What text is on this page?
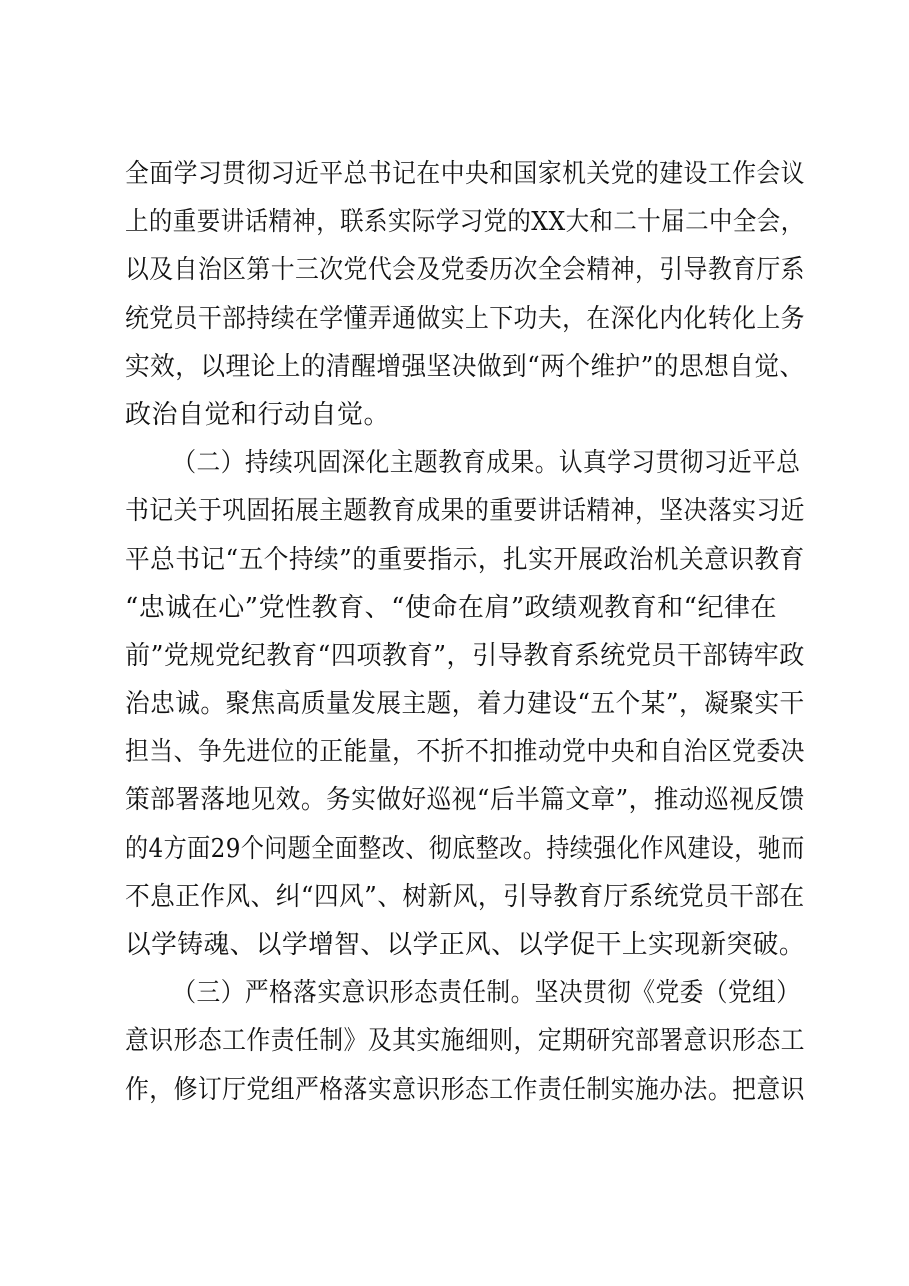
全面学习贯彻习近平总书记在中央和国家机关党的建设工作会议
上的重要讲话精神，联系实际学习党的XX大和二十届二中全会，
以及自治区第十三次党代会及党委历次全会精神，引导教育厅系
统党员干部持续在学懂弄通做实上下功夫，在深化内化转化上务
实效，以理论上的清醒增强坚决做到“两个维护”的思想自觉、
政治自觉和行动自觉。
（二）持续巩固深化主题教育成果。认真学习贯彻习近平总
书记关于巩固拓展主题教育成果的重要讲话精神，坚决落实习近
平总书记“五个持续”的重要指示，扎实开展政治机关意识教育
“忠诚在心”党性教育、“使命在肩”政绩观教育和“纪律在
前”党规党纪教育“四项教育”，引导教育系统党员干部铸牢政
治忠诚。聚焦高质量发展主题，着力建设“五个某”，凝聚实干
担当、争先进位的正能量，不折不扣推动党中央和自治区党委决
策部署落地见效。务实做好巡视“后半篇文章”，推动巡视反馈
的4方面29个问题全面整改、彻底整改。持续强化作风建设，驰而
不息正作风、纠“四风”、树新风，引导教育厅系统党员干部在
以学铸魂、以学增智、以学正风、以学促干上实现新突破。
（三）严格落实意识形态责任制。坚决贯彻《党委（党组）
意识形态工作责任制》及其实施细则，定期研究部署意识形态工
作，修订厅党组严格落实意识形态工作责任制实施办法。把意识
